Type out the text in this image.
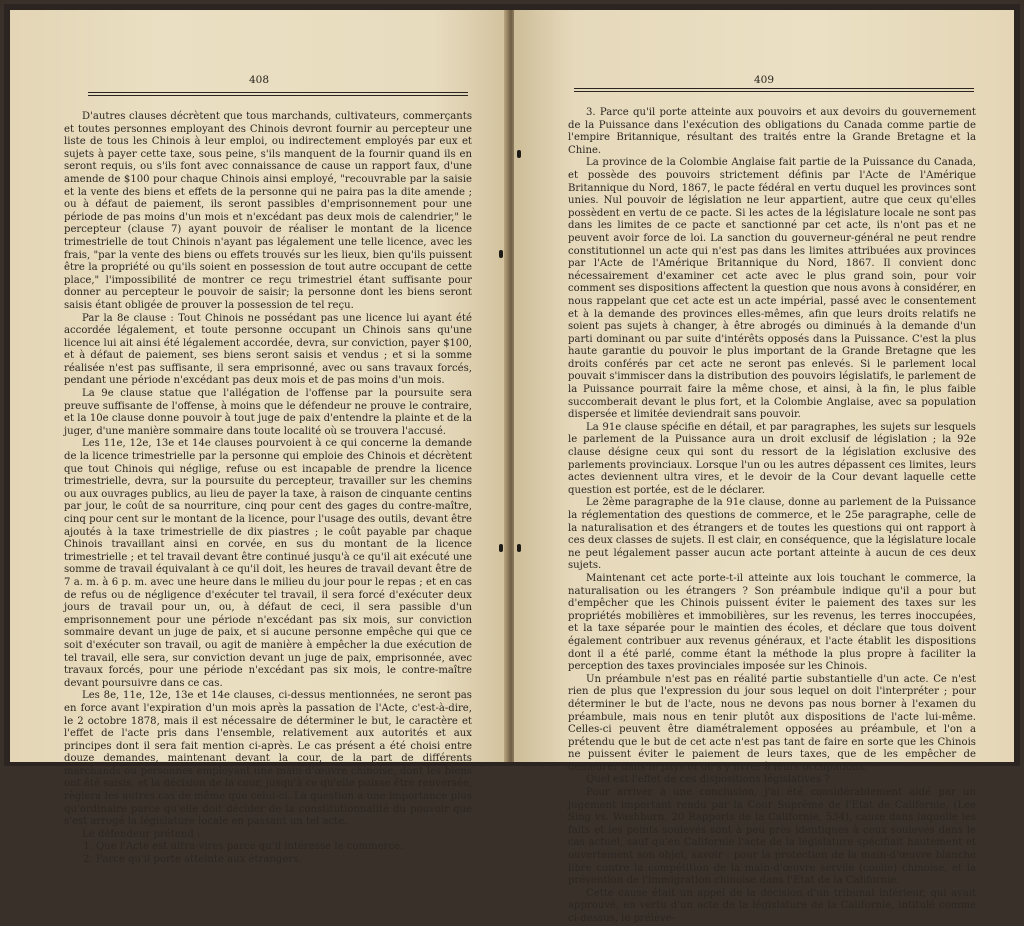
408

D'autres clauses décrètent que tous marchands, cultivateurs, commerçants et toutes personnes employant des Chinois devront fournir au percepteur une liste de tous les Chinois à leur emploi, ou indirectement employés par eux et sujets à payer cette taxe, sous peine, s'ils manquent de la fournir quand ils en seront requis, ou s'ils font avec connaissance de cause un rapport faux, d'une amende de $100 pour chaque Chinois ainsi employé, "recouvrable par la saisie et la vente des biens et effets de la personne qui ne paira pas la dite amende ; ou à défaut de paiement, ils seront passibles d'emprisonnement pour une période de pas moins d'un mois et n'excédant pas deux mois de calendrier," le percepteur (clause 7) ayant pouvoir de réaliser le montant de la licence trimestrielle de tout Chinois n'ayant pas légalement une telle licence, avec les frais, "par la vente des biens ou effets trouvés sur les lieux, bien qu'ils puissent être la propriété ou qu'ils soient en possession de tout autre occupant de cette place," l'impossibilité de montrer ce reçu trimestriel étant suffisante pour donner au percepteur le pouvoir de saisir; la personne dont les biens seront saisis étant obligée de prouver la possession de tel reçu.

Par la 8e clause : Tout Chinois ne possédant pas une licence lui ayant été accordée légalement, et toute personne occupant un Chinois sans qu'une licence lui ait ainsi été légalement accordée, devra, sur conviction, payer $100, et à défaut de paiement, ses biens seront saisis et vendus ; et si la somme réalisée n'est pas suffisante, il sera emprisonné, avec ou sans travaux forcés, pendant une période n'excédant pas deux mois et de pas moins d'un mois.

La 9e clause statue que l'allégation de l'offense par la poursuite sera preuve suffisante de l'offense, à moins que le défendeur ne prouve le contraire, et la 10e clause donne pouvoir à tout juge de paix d'entendre la plainte et de la juger, d'une manière sommaire dans toute localité où se trouvera l'accusé.

Les 11e, 12e, 13e et 14e clauses pourvoient à ce qui concerne la demande de la licence trimestrielle par la personne qui emploie des Chinois et décrètent que tout Chinois qui néglige, refuse ou est incapable de prendre la licence trimestrielle, devra, sur la poursuite du percepteur, travailler sur les chemins ou aux ouvrages publics, au lieu de payer la taxe, à raison de cinquante centins par jour, le coût de sa nourriture, cinq pour cent des gages du contre-maître, cinq pour cent sur le montant de la licence, pour l'usage des outils, devant être ajoutés à la taxe trimestrielle de dix piastres ; le coût payable par chaque Chinois travaillant ainsi en corvée, en sus du montant de la licence trimestrielle ; et tel travail devant être continué jusqu'à ce qu'il ait exécuté une somme de travail équivalant à ce qu'il doit, les heures de travail devant être de 7 a. m. à 6 p. m. avec une heure dans le milieu du jour pour le repas ; et en cas de refus ou de négligence d'exécuter tel travail, il sera forcé d'exécuter deux jours de travail pour un, ou, à défaut de ceci, il sera passible d'un emprisonnement pour une période n'excédant pas six mois, sur conviction sommaire devant un juge de paix, et si aucune personne empêche qui que ce soit d'exécuter son travail, ou agit de manière à empêcher la due exécution de tel travail, elle sera, sur conviction devant un juge de paix, emprisonnée, avec travaux forcés, pour une période n'excédant pas six mois, le contre-maître devant poursuivre dans ce cas.

Les 8e, 11e, 12e, 13e et 14e clauses, ci-dessus mentionnées, ne seront pas en force avant l'expiration d'un mois après la passation de l'Acte, c'est-à-dire, le 2 octobre 1878, mais il est nécessaire de déterminer le but, le caractère et l'effet de l'acte pris dans l'ensemble, relativement aux autorités et aux principes dont il sera fait mention ci-après. Le cas présent a été choisi entre douze demandes, maintenant devant la cour, de la part de différents marchands ou personnes employant une main-d'œuvre chinoise, dont les biens ont été saisis, et la décision de la cour, jusqu'à ce qu'elle puisse être renversée, règlera les autres cas de même que celui-ci. La question a une importance plus qu'ordinaire parce qu'elle doit décider de la constitutionnalité du pouvoir que s'est arrogé la législature locale en passant un tel acte.

Le défendeur prétend :

1. Que l'Acte est ultra-vires parce qu'il intéresse le commerce.
2. Parce qu'il porte atteinte aux étrangers.
409

3. Parce qu'il porte atteinte aux pouvoirs et aux devoirs du gouvernement de la Puissance dans l'exécution des obligations du Canada comme partie de l'empire Britannique, résultant des traités entre la Grande Bretagne et la Chine.

La province de la Colombie Anglaise fait partie de la Puissance du Canada, et possède des pouvoirs strictement définis par l'Acte de l'Amérique Britannique du Nord, 1867, le pacte fédéral en vertu duquel les provinces sont unies. Nul pouvoir de législation ne leur appartient, autre que ceux qu'elles possèdent en vertu de ce pacte. Si les actes de la législature locale ne sont pas dans les limites de ce pacte et sanctionné par cet acte, ils n'ont pas et ne peuvent avoir force de loi. La sanction du gouverneur-général ne peut rendre constitutionnel un acte qui n'est pas dans les limites attribuées aux provinces par l'Acte de l'Amérique Britannique du Nord, 1867. Il convient donc nécessairement d'examiner cet acte avec le plus grand soin, pour voir comment ses dispositions affectent la question que nous avons à considérer, en nous rappelant que cet acte est un acte impérial, passé avec le consentement et à la demande des provinces elles-mêmes, afin que leurs droits relatifs ne soient pas sujets à changer, à être abrogés ou diminués à la demande d'un parti dominant ou par suite d'intérêts opposés dans la Puissance. C'est la plus haute garantie du pouvoir le plus important de la Grande Bretagne que les droits conférés par cet acte ne seront pas enlevés. Si le parlement local pouvait s'immiscer dans la distribution des pouvoirs législatifs, le parlement de la Puissance pourrait faire la même chose, et ainsi, à la fin, le plus faible succomberait devant le plus fort, et la Colombie Anglaise, avec sa population dispersée et limitée deviendrait sans pouvoir.

La 91e clause spécifie en détail, et par paragraphes, les sujets sur lesquels le parlement de la Puissance aura un droit exclusif de législation ; la 92e clause désigne ceux qui sont du ressort de la législation exclusive des parlements provinciaux. Lorsque l'un ou les autres dépassent ces limites, leurs actes deviennent ultra vires, et le devoir de la Cour devant laquelle cette question est portée, est de le déclarer.

Le 2ème paragraphe de la 91e clause, donne au parlement de la Puissance la réglementation des questions de commerce, et le 25e paragraphe, celle de la naturalisation et des étrangers et de toutes les questions qui ont rapport à ces deux classes de sujets. Il est clair, en conséquence, que la législature locale ne peut légalement passer aucun acte portant atteinte à aucun de ces deux sujets.

Maintenant cet acte porte-t-il atteinte aux lois touchant le commerce, la naturalisation ou les étrangers ? Son préambule indique qu'il a pour but d'empêcher que les Chinois puissent éviter le paiement des taxes sur les propriétés mobilières et immobilières, sur les revenus, les terres inoccupées, et la taxe séparée pour le maintien des écoles, et déclare que tous doivent également contribuer aux revenus généraux, et l'acte établit les dispositions dont il a été parlé, comme étant la méthode la plus propre à faciliter la perception des taxes provinciales imposée sur les Chinois.

Un préambule n'est pas en réalité partie substantielle d'un acte. Ce n'est rien de plus que l'expression du jour sous lequel on doit l'interpréter ; pour déterminer le but de l'acte, nous ne devons pas nous borner à l'examen du préambule, mais nous en tenir plutôt aux dispositions de l'acte lui-même. Celles-ci peuvent être diamétralement opposées au préambule, et l'on a prétendu que le but de cet acte n'est pas tant de faire en sorte que les Chinois ne puissent éviter le paiement de leurs taxes, que de les empêcher de demeurer dans le pays et de s'y livrer à leurs occupations.

Quel est l'effet de ces dispositions législatives ?

Pour arriver à une conclusion, j'ai été considérablement aidé par un jugement important rendu par la Cour Suprême de l'Etat de Californie, (Lee Sing vs. Washburn, 20 Rapports de la Californie, 534), cause dans laquelle les faits et les points soulevés sont à peu près identiques à ceux soulevés dans le cas actuel, sauf qu'en Californie l'acte de la législature spécifiait hautement et ouvertement son objet, savoir : pour la protection de la main-d'œuvre blanche libre contre la compétition de la main-d'œuvre servile (coolie) chinoise, et la prévention de l'immigration chinoise dans l'Etat de la Californie.

Cette cause était un appel de la décision d'un tribunal inférieur, qui avait approuvé, en vertu d'un acte de la législature de la Californie, intitulé comme ci-dessus, le prélève-
